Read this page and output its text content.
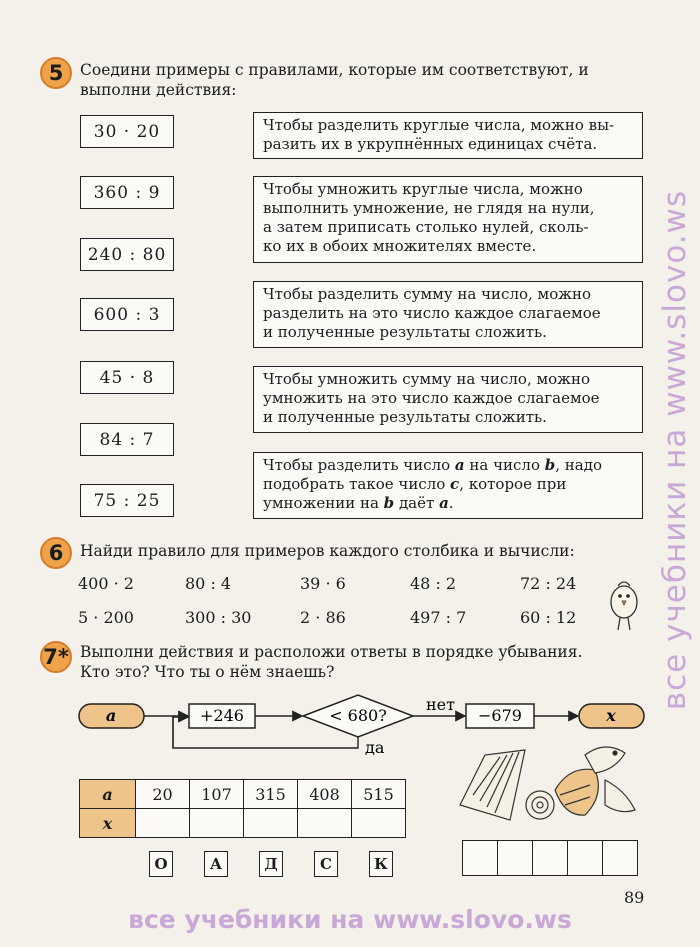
5	Соедини примеры с правилами, которые им соответствуют, и
выполни действия:
30 · 20
360 : 9
240 : 80
600 : 3
45 · 8
84 : 7
75 : 25
Чтобы разделить круглые числа, можно вы-
разить их в укрупнённых единицах счёта.
Чтобы умножить круглые числа, можно
выполнить умножение, не глядя на нули,
а затем приписать столько нулей, сколь-
ко их в обоих множителях вместе.
Чтобы разделить сумму на число, можно
разделить на это число каждое слагаемое
и полученные результаты сложить.
Чтобы умножить сумму на число, можно
умножить на это число каждое слагаемое
и полученные результаты сложить.
Чтобы разделить число a на число b, надо
подобрать такое число c, которое при
умножении на b даёт a.
6	Найди правило для примеров каждого столбика и вычисли:
400 · 2	80 : 4	39 · 6	48 : 2	72 : 24
5 · 200	300 : 30	2 · 86	497 : 7	60 : 12
7* Выполни действия и расположи ответы в порядке убывания.
Кто это? Что ты о нём знаешь?
a	+246	< 680?
нет
−679	x
да
a	20	107	315	408	515
x					
О	А	Д	С	К
89
все учебники на www.slovo.ws
все учебники на www.slovo.ws
